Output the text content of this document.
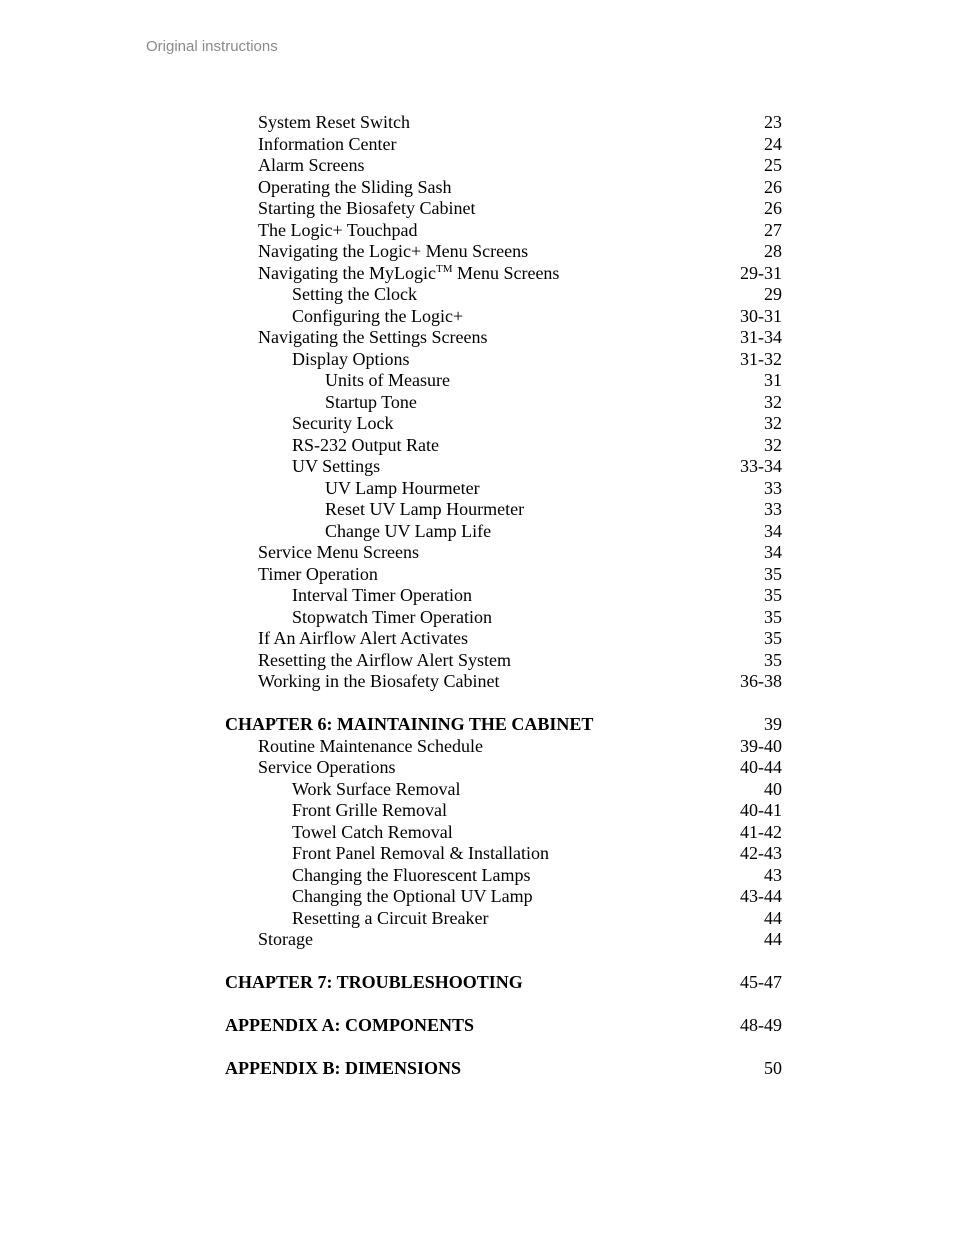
Original instructions
System Reset Switch	23
Information Center	24
Alarm Screens	25
Operating the Sliding Sash	26
Starting the Biosafety Cabinet	26
The Logic+ Touchpad	27
Navigating the Logic+ Menu Screens	28
Navigating the MyLogic™ Menu Screens	29-31
Setting the Clock	29
Configuring the Logic+	30-31
Navigating the Settings Screens	31-34
Display Options	31-32
Units of Measure	31
Startup Tone	32
Security Lock	32
RS-232 Output Rate	32
UV Settings	33-34
UV Lamp Hourmeter	33
Reset UV Lamp Hourmeter	33
Change UV Lamp Life	34
Service Menu Screens	34
Timer Operation	35
Interval Timer Operation	35
Stopwatch Timer Operation	35
If An Airflow Alert Activates	35
Resetting the Airflow Alert System	35
Working in the Biosafety Cabinet	36-38
CHAPTER 6: MAINTAINING THE CABINET	39
Routine Maintenance Schedule	39-40
Service Operations	40-44
Work Surface Removal	40
Front Grille Removal	40-41
Towel Catch Removal	41-42
Front Panel Removal & Installation	42-43
Changing the Fluorescent Lamps	43
Changing the Optional UV Lamp	43-44
Resetting a Circuit Breaker	44
Storage	44
CHAPTER 7: TROUBLESHOOTING	45-47
APPENDIX A: COMPONENTS	48-49
APPENDIX B: DIMENSIONS	50
